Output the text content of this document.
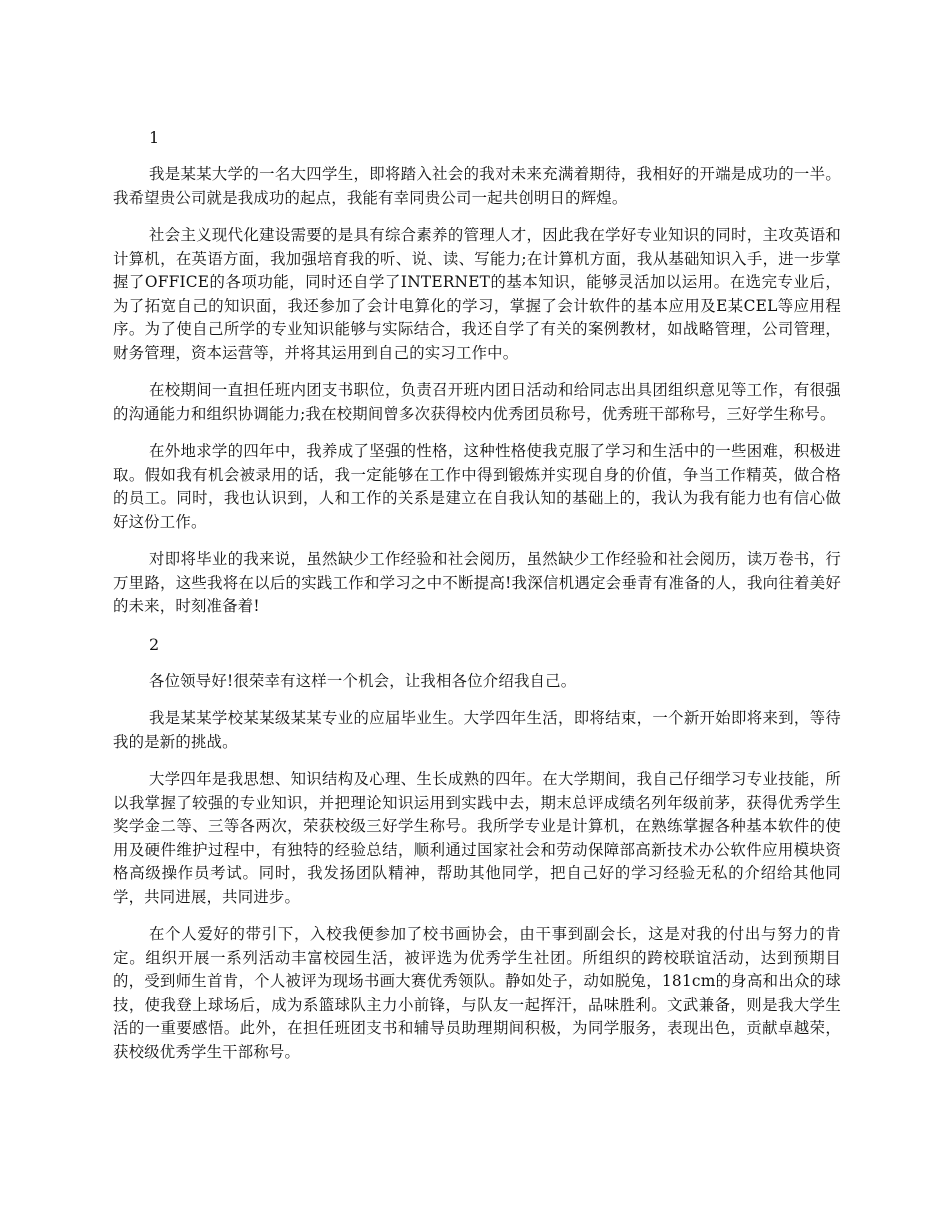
1

我是某某大学的一名大四学生，即将踏入社会的我对未来充满着期待，我相好的开端是成功的一半。我希望贵公司就是我成功的起点，我能有幸同贵公司一起共创明日的辉煌。

社会主义现代化建设需要的是具有综合素养的管理人才，因此我在学好专业知识的同时，主攻英语和计算机，在英语方面，我加强培育我的听、说、读、写能力;在计算机方面，我从基础知识入手，进一步掌握了OFFICE的各项功能，同时还自学了INTERNET的基本知识，能够灵活加以运用。在选完专业后，为了拓宽自己的知识面，我还参加了会计电算化的学习，掌握了会计软件的基本应用及E某CEL等应用程序。为了使自己所学的专业知识能够与实际结合，我还自学了有关的案例教材，如战略管理，公司管理，财务管理，资本运营等，并将其运用到自己的实习工作中。

在校期间一直担任班内团支书职位，负责召开班内团日活动和给同志出具团组织意见等工作，有很强的沟通能力和组织协调能力;我在校期间曾多次获得校内优秀团员称号，优秀班干部称号，三好学生称号。

在外地求学的四年中，我养成了坚强的性格，这种性格使我克服了学习和生活中的一些困难，积极进取。假如我有机会被录用的话，我一定能够在工作中得到锻炼并实现自身的价值，争当工作精英，做合格的员工。同时，我也认识到，人和工作的关系是建立在自我认知的基础上的，我认为我有能力也有信心做好这份工作。

对即将毕业的我来说，虽然缺少工作经验和社会阅历，虽然缺少工作经验和社会阅历，读万卷书，行万里路，这些我将在以后的实践工作和学习之中不断提高!我深信机遇定会垂青有准备的人，我向往着美好的未来，时刻准备着!

2

各位领导好!很荣幸有这样一个机会，让我相各位介绍我自己。

我是某某学校某某级某某专业的应届毕业生。大学四年生活，即将结束，一个新开始即将来到，等待我的是新的挑战。

大学四年是我思想、知识结构及心理、生长成熟的四年。在大学期间，我自己仔细学习专业技能，所以我掌握了较强的专业知识，并把理论知识运用到实践中去，期末总评成绩名列年级前茅，获得优秀学生奖学金二等、三等各两次，荣获校级三好学生称号。我所学专业是计算机，在熟练掌握各种基本软件的使用及硬件维护过程中，有独特的经验总结，顺利通过国家社会和劳动保障部高新技术办公软件应用模块资格高级操作员考试。同时，我发扬团队精神，帮助其他同学，把自己好的学习经验无私的介绍给其他同学，共同进展，共同进步。

在个人爱好的带引下，入校我便参加了校书画协会，由干事到副会长，这是对我的付出与努力的肯定。组织开展一系列活动丰富校园生活，被评选为优秀学生社团。所组织的跨校联谊活动，达到预期目的，受到师生首肯，个人被评为现场书画大赛优秀领队。静如处子，动如脱兔，181cm的身高和出众的球技，使我登上球场后，成为系篮球队主力小前锋，与队友一起挥汗，品味胜利。文武兼备，则是我大学生活的一重要感悟。此外，在担任班团支书和辅导员助理期间积极，为同学服务，表现出色，贡献卓越荣，获校级优秀学生干部称号。
